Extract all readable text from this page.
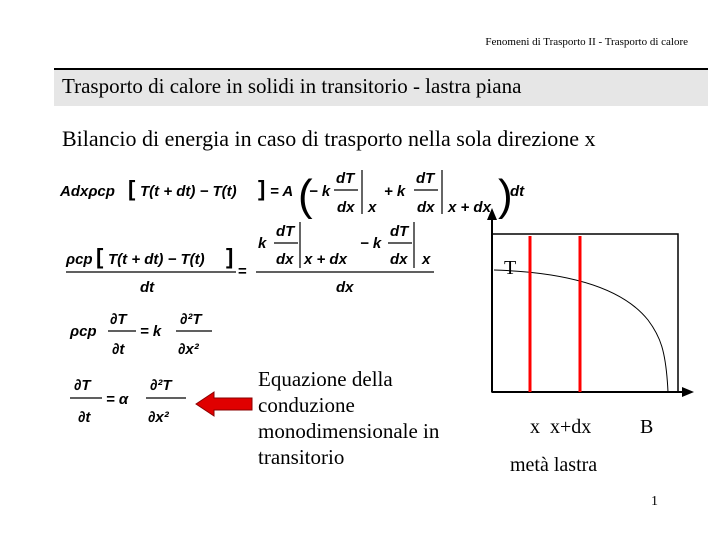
Fenomeni di Trasporto II - Trasporto di calore
Trasporto di calore in solidi in transitorio - lastra piana
Bilancio di energia in caso di trasporto nella sola direzione x
Adxρcp [ T(t + dt) − T(t) ] = A (
− k
dT
dx x
+ k
dT
dx x + dx )
dt
ρcp [ T(t + dt) − T(t) ]
dt
=
k
dT
dx x + dx
− k
dT
dx x
dx
ρcp
∂T
∂t
= k
∂²T
∂x²
∂T
∂t
= α
∂²T
∂x²
T
Equazione della conduzione monodimensionale in transitorio
x  x+dx B
metà lastra
1
